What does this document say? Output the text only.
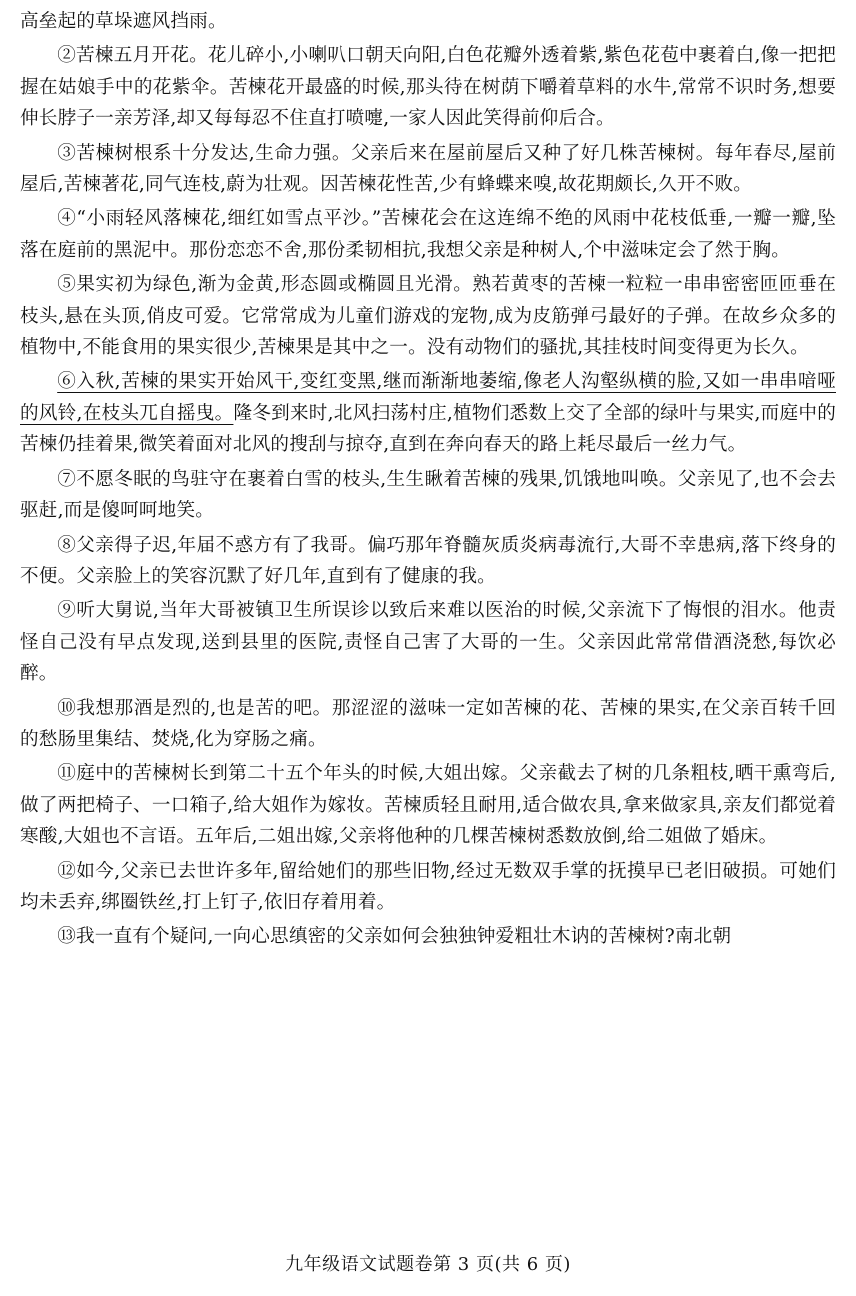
高垒起的草垛遮风挡雨。

②苦楝五月开花。花儿碎小,小喇叭口朝天向阳,白色花瓣外透着紫,紫色花苞中裹着白,像一把把握在姑娘手中的花紫伞。苦楝花开最盛的时候,那头待在树荫下嚼着草料的水牛,常常不识时务,想要伸长脖子一亲芳泽,却又每每忍不住直打喷嚏,一家人因此笑得前仰后合。

③苦楝树根系十分发达,生命力强。父亲后来在屋前屋后又种了好几株苦楝树。每年春尽,屋前屋后,苦楝著花,同气连枝,蔚为壮观。因苦楝花性苦,少有蜂蝶来嗅,故花期颇长,久开不败。

④“小雨轻风落楝花,细红如雪点平沙。”苦楝花会在这连绵不绝的风雨中花枝低垂,一瓣一瓣,坠落在庭前的黑泥中。那份恋恋不舍,那份柔韧相抗,我想父亲是种树人,个中滋味定会了然于胸。

⑤果实初为绿色,渐为金黄,形态圆或椭圆且光滑。熟若黄枣的苦楝一粒粒一串串密密匝匝垂在枝头,悬在头顶,俏皮可爱。它常常成为儿童们游戏的宠物,成为皮筋弹弓最好的子弹。在故乡众多的植物中,不能食用的果实很少,苦楝果是其中之一。没有动物们的骚扰,其挂枝时间变得更为长久。

⑥入秋,苦楝的果实开始风干,变红变黑,继而渐渐地萎缩,像老人沟壑纵横的脸,又如一串串喑哑的风铃,在枝头兀自摇曳。隆冬到来时,北风扫荡村庄,植物们悉数上交了全部的绿叶与果实,而庭中的苦楝仍挂着果,微笑着面对北风的搜刮与掠夺,直到在奔向春天的路上耗尽最后一丝力气。

⑦不愿冬眠的鸟驻守在裹着白雪的枝头,生生瞅着苦楝的残果,饥饿地叫唤。父亲见了,也不会去驱赶,而是傻呵呵地笑。

⑧父亲得子迟,年届不惑方有了我哥。偏巧那年脊髓灰质炎病毒流行,大哥不幸患病,落下终身的不便。父亲脸上的笑容沉默了好几年,直到有了健康的我。

⑨听大舅说,当年大哥被镇卫生所误诊以致后来难以医治的时候,父亲流下了悔恨的泪水。他责怪自己没有早点发现,送到县里的医院,责怪自己害了大哥的一生。父亲因此常常借酒浇愁,每饮必醉。

⑩我想那酒是烈的,也是苦的吧。那涩涩的滋味一定如苦楝的花、苦楝的果实,在父亲百转千回的愁肠里集结、焚烧,化为穿肠之痛。

⑪庭中的苦楝树长到第二十五个年头的时候,大姐出嫁。父亲截去了树的几条粗枝,晒干熏弯后,做了两把椅子、一口箱子,给大姐作为嫁妆。苦楝质轻且耐用,适合做农具,拿来做家具,亲友们都觉着寒酸,大姐也不言语。五年后,二姐出嫁,父亲将他种的几棵苦楝树悉数放倒,给二姐做了婚床。

⑫如今,父亲已去世许多年,留给她们的那些旧物,经过无数双手掌的抚摸早已老旧破损。可她们均未丢弃,绑圈铁丝,打上钉子,依旧存着用着。

⑬我一直有个疑问,一向心思缜密的父亲如何会独独钟爱粗壮木讷的苦楝树?南北朝

九年级语文试题卷第 3 页(共 6 页)
